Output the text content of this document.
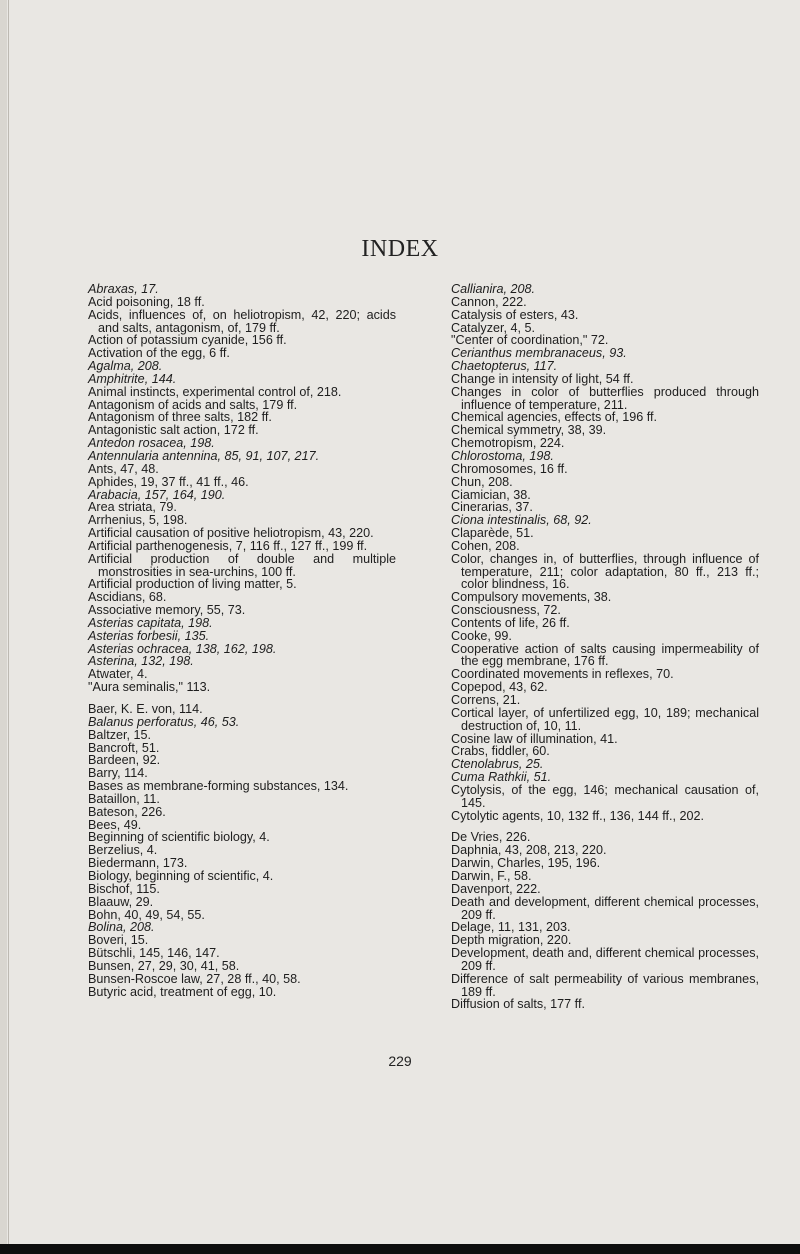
INDEX
Abraxas, 17.
Acid poisoning, 18 ff.
Acids, influences of, on heliotropism, 42, 220; acids and salts, antagonism, of, 179 ff.
Action of potassium cyanide, 156 ff.
Activation of the egg, 6 ff.
Agalma, 208.
Amphitrite, 144.
Animal instincts, experimental control of, 218.
Antagonism of acids and salts, 179 ff.
Antagonism of three salts, 182 ff.
Antagonistic salt action, 172 ff.
Antedon rosacea, 198.
Antennularia antennina, 85, 91, 107, 217.
Ants, 47, 48.
Aphides, 19, 37 ff., 41 ff., 46.
Arabacia, 157, 164, 190.
Area striata, 79.
Arrhenius, 5, 198.
Artificial causation of positive heliotropism, 43, 220.
Artificial parthenogenesis, 7, 116 ff., 127 ff., 199 ff.
Artificial production of double and multiple monstrosities in sea-urchins, 100 ff.
Artificial production of living matter, 5.
Ascidians, 68.
Associative memory, 55, 73.
Asterias capitata, 198.
Asterias forbesii, 135.
Asterias ochracea, 138, 162, 198.
Asterina, 132, 198.
Atwater, 4.
"Aura seminalis," 113.
Baer, K. E. von, 114.
Balanus perforatus, 46, 53.
Baltzer, 15.
Bancroft, 51.
Bardeen, 92.
Barry, 114.
Bases as membrane-forming substances, 134.
Bataillon, 11.
Bateson, 226.
Bees, 49.
Beginning of scientific biology, 4.
Berzelius, 4.
Biedermann, 173.
Biology, beginning of scientific, 4.
Bischof, 115.
Blaauw, 29.
Bohn, 40, 49, 54, 55.
Bolina, 208.
Boveri, 15.
Bütschli, 145, 146, 147.
Bunsen, 27, 29, 30, 41, 58.
Bunsen-Roscoe law, 27, 28 ff., 40, 58.
Butyric acid, treatment of egg, 10.
Callianira, 208.
Cannon, 222.
Catalysis of esters, 43.
Catalyzer, 4, 5.
"Center of coordination," 72.
Cerianthus membranaceus, 93.
Chaetopterus, 117.
Change in intensity of light, 54 ff.
Changes in color of butterflies produced through influence of temperature, 211.
Chemical agencies, effects of, 196 ff.
Chemical symmetry, 38, 39.
Chemotropism, 224.
Chlorostoma, 198.
Chromosomes, 16 ff.
Chun, 208.
Ciamician, 38.
Cinerarias, 37.
Ciona intestinalis, 68, 92.
Claparède, 51.
Cohen, 208.
Color, changes in, of butterflies, through influence of temperature, 211; color adaptation, 80 ff., 213 ff.; color blindness, 16.
Compulsory movements, 38.
Consciousness, 72.
Contents of life, 26 ff.
Cooke, 99.
Cooperative action of salts causing impermeability of the egg membrane, 176 ff.
Coordinated movements in reflexes, 70.
Copepod, 43, 62.
Correns, 21.
Cortical layer, of unfertilized egg, 10, 189; mechanical destruction of, 10, 11.
Cosine law of illumination, 41.
Crabs, fiddler, 60.
Ctenolabrus, 25.
Cuma Rathkii, 51.
Cytolysis, of the egg, 146; mechanical causation of, 145.
Cytolytic agents, 10, 132 ff., 136, 144 ff., 202.
De Vries, 226.
Daphnia, 43, 208, 213, 220.
Darwin, Charles, 195, 196.
Darwin, F., 58.
Davenport, 222.
Death and development, different chemical processes, 209 ff.
Delage, 11, 131, 203.
Depth migration, 220.
Development, death and, different chemical processes, 209 ff.
Difference of salt permeability of various membranes, 189 ff.
Diffusion of salts, 177 ff.
229
